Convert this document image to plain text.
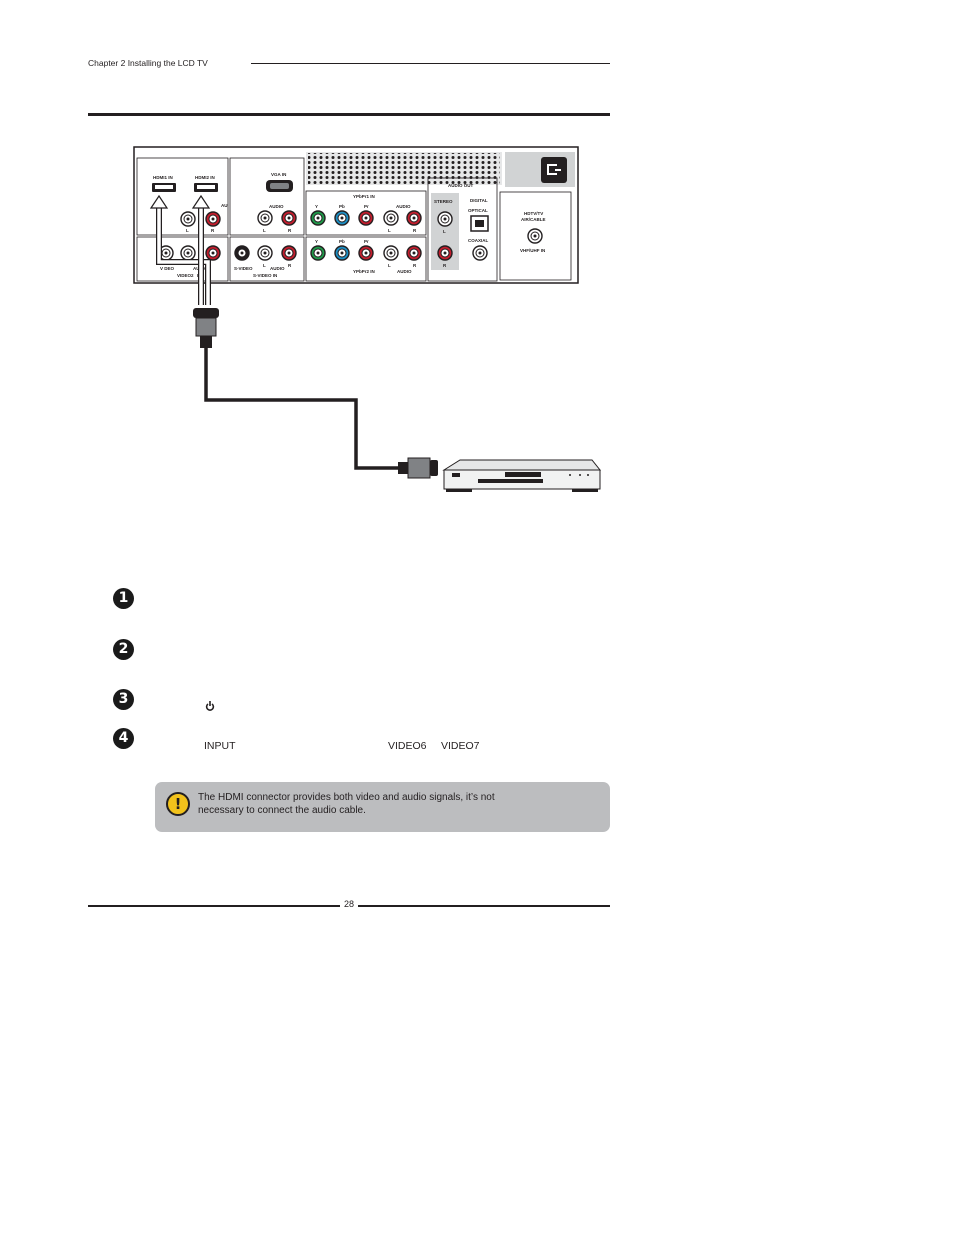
Chapter 2 Installing the LCD TV
HDMI1 IN	HDMI2 IN
AU
V DEO
VIDEO2
AUDIO
IN
VGA IN
AUDIO
S-VIDEO	AUDIO
S-VIDEO IN
YPbPr1 IN
Y	Pb	Pr	AUDIO
Y	Pb	Pr
YPbPr2 IN	AUDIO
AUDIO OUT
STEREO	DIGITAL
OPTICAL
COAXIAL
HDTV/TV
AIR/CABLE
VHF/UHF IN
L	R	L	R	L	R
L	R	L	R
L
R
1
2
3
4	INPUT	VIDEO6 VIDEO7
!
The HDMI connector provides both video and audio signals, it’s not
necessary to connect the audio cable.
28
